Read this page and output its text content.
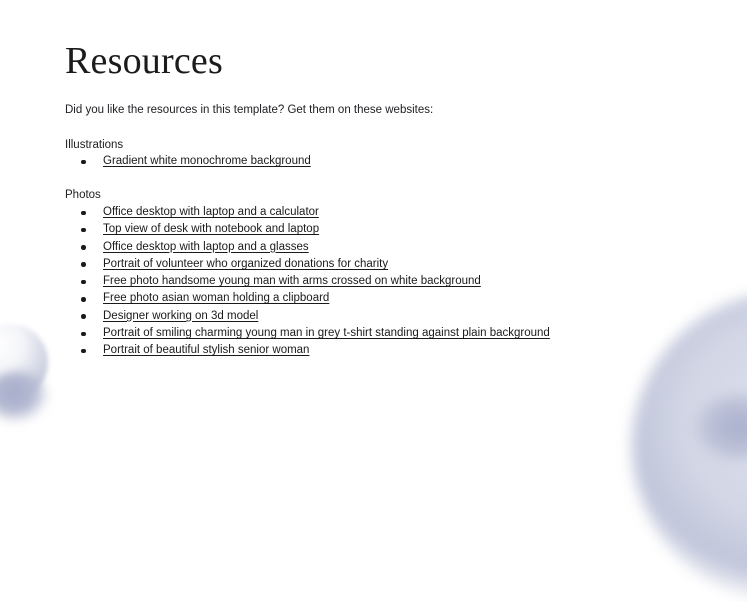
Resources

Did you like the resources in this template? Get them on these websites:

Illustrations
Gradient white monochrome background
Photos
Office desktop with laptop and a calculator
Top view of desk with notebook and laptop
Office desktop with laptop and a glasses
Portrait of volunteer who organized donations for charity
Free photo handsome young man with arms crossed on white background
Free photo asian woman holding a clipboard
Designer working on 3d model
Portrait of smiling charming young man in grey t-shirt standing against plain background
Portrait of beautiful stylish senior woman
